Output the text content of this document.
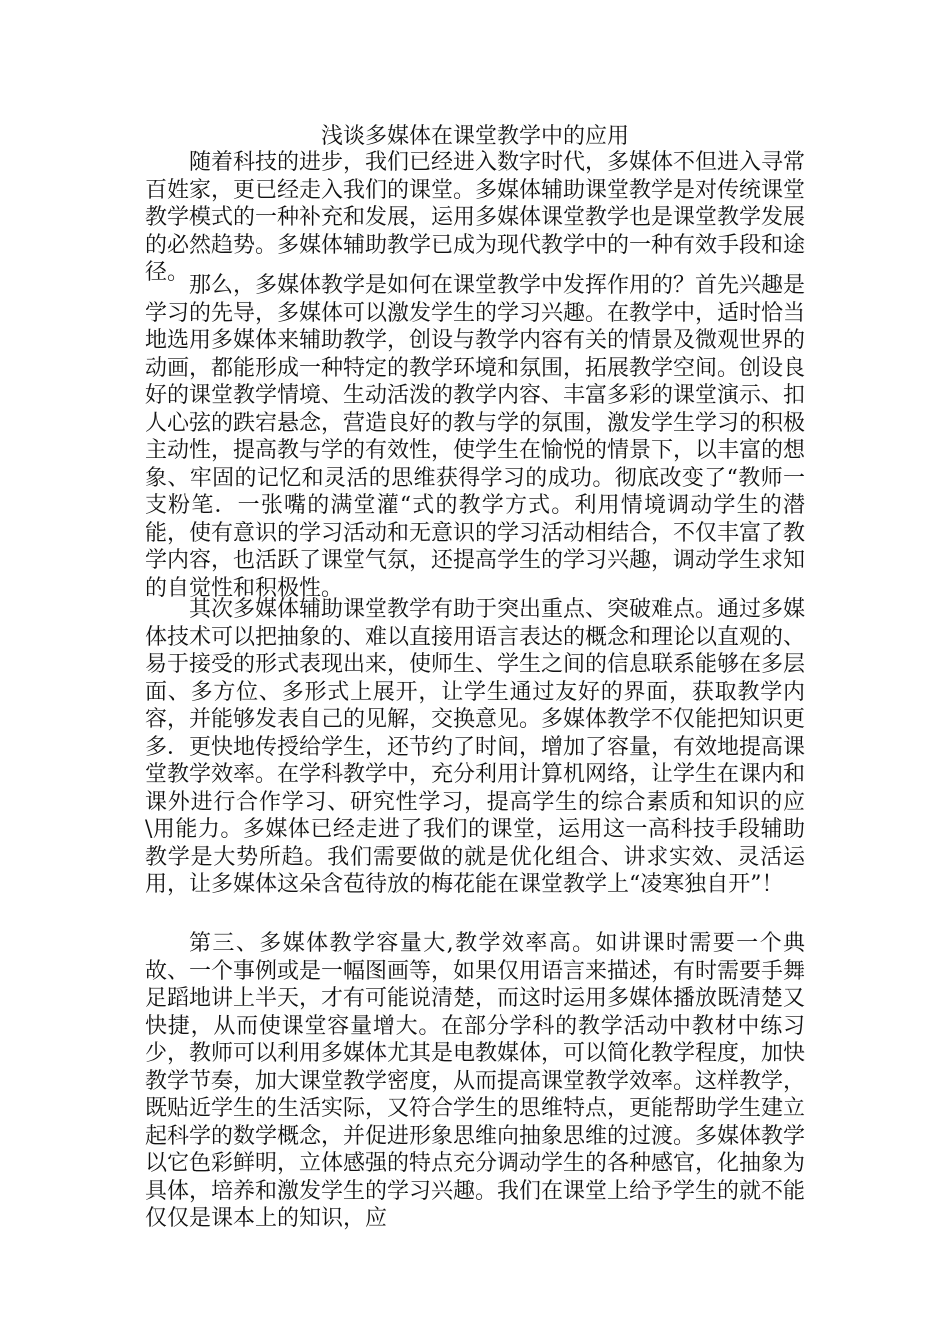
浅谈多媒体在课堂教学中的应用

随着科技的进步，我们已经进入数字时代，多媒体不但进入寻常百姓家，更已经走入我们的课堂。多媒体辅助课堂教学是对传统课堂教学模式的一种补充和发展，运用多媒体课堂教学也是课堂教学发展的必然趋势。多媒体辅助教学已成为现代教学中的一种有效手段和途径。

那么，多媒体教学是如何在课堂教学中发挥作用的？首先兴趣是学习的先导，多媒体可以激发学生的学习兴趣。在教学中，适时恰当地选用多媒体来辅助教学，创设与教学内容有关的情景及微观世界的动画，都能形成一种特定的教学环境和氛围，拓展教学空间。创设良好的课堂教学情境、生动活泼的教学内容、丰富多彩的课堂演示、扣人心弦的跌宕悬念，营造良好的教与学的氛围，激发学生学习的积极主动性，提高教与学的有效性，使学生在愉悦的情景下，以丰富的想象、牢固的记忆和灵活的思维获得学习的成功。彻底改变了“教师一支粉笔．一张嘴的满堂灌“式的教学方式。利用情境调动学生的潜能，使有意识的学习活动和无意识的学习活动相结合，不仅丰富了教学内容，也活跃了课堂气氛，还提高学生的学习兴趣，调动学生求知的自觉性和积极性。

其次多媒体辅助课堂教学有助于突出重点、突破难点。通过多媒体技术可以把抽象的、难以直接用语言表达的概念和理论以直观的、易于接受的形式表现出来，使师生、学生之间的信息联系能够在多层面、多方位、多形式上展开，让学生通过友好的界面，获取教学内容，并能够发表自己的见解，交换意见。多媒体教学不仅能把知识更多．更快地传授给学生，还节约了时间，增加了容量，有效地提高课堂教学效率。在学科教学中，充分利用计算机网络，让学生在课内和课外进行合作学习、研究性学习，提高学生的综合素质和知识的应\用能力。多媒体已经走进了我们的课堂，运用这一高科技手段辅助教学是大势所趋。我们需要做的就是优化组合、讲求实效、灵活运用，让多媒体这朵含苞待放的梅花能在课堂教学上“凌寒独自开”！

第三、多媒体教学容量大,教学效率高。如讲课时需要一个典故、一个事例或是一幅图画等，如果仅用语言来描述，有时需要手舞足蹈地讲上半天，才有可能说清楚，而这时运用多媒体播放既清楚又快捷，从而使课堂容量增大。在部分学科的教学活动中教材中练习少，教师可以利用多媒体尤其是电教媒体，可以简化教学程度，加快教学节奏，加大课堂教学密度，从而提高课堂教学效率。这样教学，既贴近学生的生活实际，又符合学生的思维特点，更能帮助学生建立起科学的数学概念，并促进形象思维向抽象思维的过渡。多媒体教学以它色彩鲜明，立体感强的特点充分调动学生的各种感官，化抽象为具体，培养和激发学生的学习兴趣。我们在课堂上给予学生的就不能仅仅是课本上的知识，应
